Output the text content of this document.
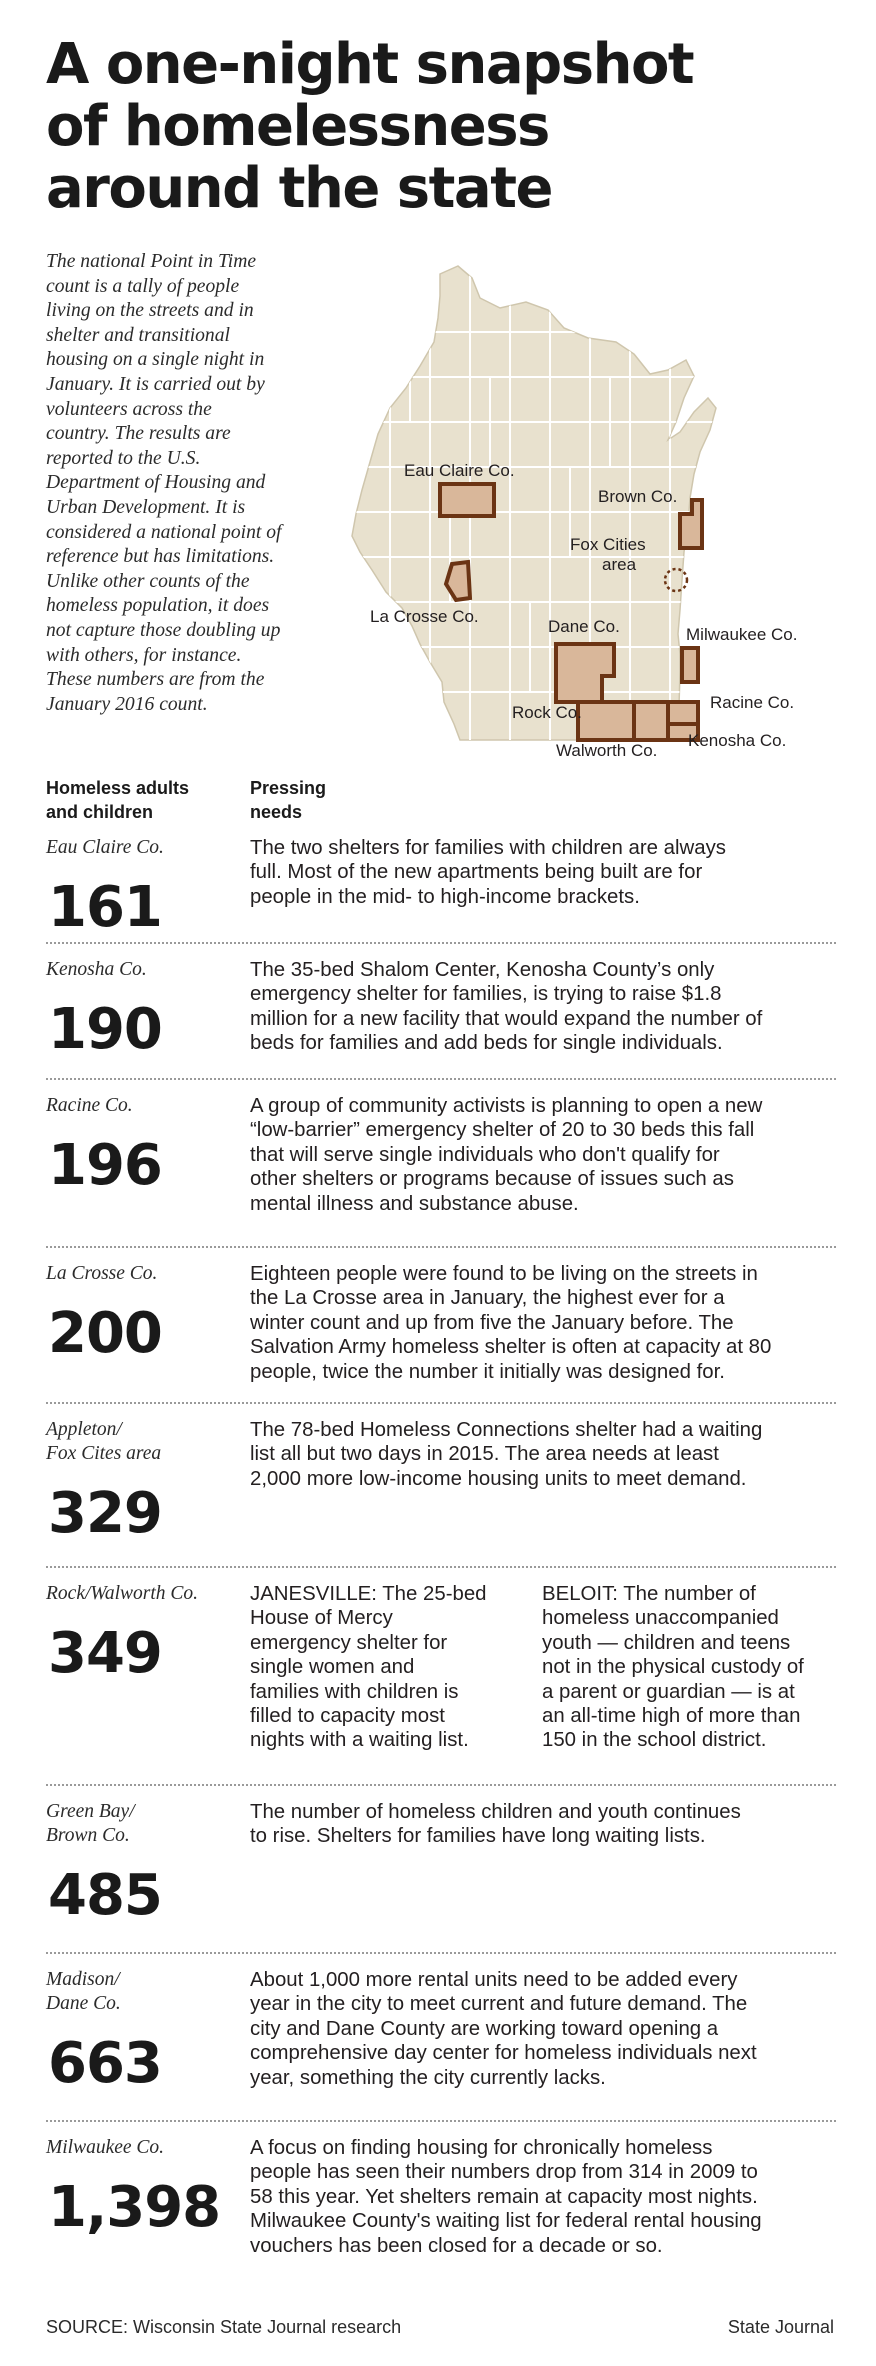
A one-night snapshot
of homelessness
around the state
The national Point in Time
count is a tally of people
living on the streets and in
shelter and transitional
housing on a single night in
January. It is carried out by
volunteers across the
country. The results are
reported to the U.S.
Department of Housing and
Urban Development. It is
considered a national point of
reference but has limitations.
Unlike other counts of the
homeless population, it does
not capture those doubling up
with others, for instance.
These numbers are from the
January 2016 count.
Eau Claire Co.
Brown Co.
Fox Cities
area
La Crosse Co.
Dane Co.	Milwaukee Co.
Racine Co.
Rock Co.
Walworth Co.
Kenosha Co.
Homeless adults
and children
Pressing
needs
Eau Claire Co.
161
The two shelters for families with children are always
full. Most of the new apartments being built are for
people in the mid- to high-income brackets.
Kenosha Co.
190
The 35-bed Shalom Center, Kenosha County’s only
emergency shelter for families, is trying to raise $1.8
million for a new facility that would expand the number of
beds for families and add beds for single individuals.
Racine Co.
196
A group of community activists is planning to open a new
“low-barrier” emergency shelter of 20 to 30 beds this fall
that will serve single individuals who don't qualify for
other shelters or programs because of issues such as
mental illness and substance abuse.
La Crosse Co.
200
Eighteen people were found to be living on the streets in
the La Crosse area in January, the highest ever for a
winter count and up from five the January before. The
Salvation Army homeless shelter is often at capacity at 80
people, twice the number it initially was designed for.
Appleton/
Fox Cites area
329
The 78-bed Homeless Connections shelter had a waiting
list all but two days in 2015. The area needs at least
2,000 more low-income housing units to meet demand.
Rock/Walworth Co.
349
JANESVILLE: The 25-bed
House of Mercy
emergency shelter for
single women and
families with children is
filled to capacity most
nights with a waiting list.
BELOIT: The number of
homeless unaccompanied
youth — children and teens
not in the physical custody of
a parent or guardian — is at
an all-time high of more than
150 in the school district.
Green Bay/
Brown Co.
485
The number of homeless children and youth continues
to rise. Shelters for families have long waiting lists.
Madison/
Dane Co.
663
About 1,000 more rental units need to be added every
year in the city to meet current and future demand. The
city and Dane County are working toward opening a
comprehensive day center for homeless individuals next
year, something the city currently lacks.
Milwaukee Co.
1,398
A focus on finding housing for chronically homeless
people has seen their numbers drop from 314 in 2009 to
58 this year. Yet shelters remain at capacity most nights.
Milwaukee County's waiting list for federal rental housing
vouchers has been closed for a decade or so.
SOURCE: Wisconsin State Journal research	State Journal
